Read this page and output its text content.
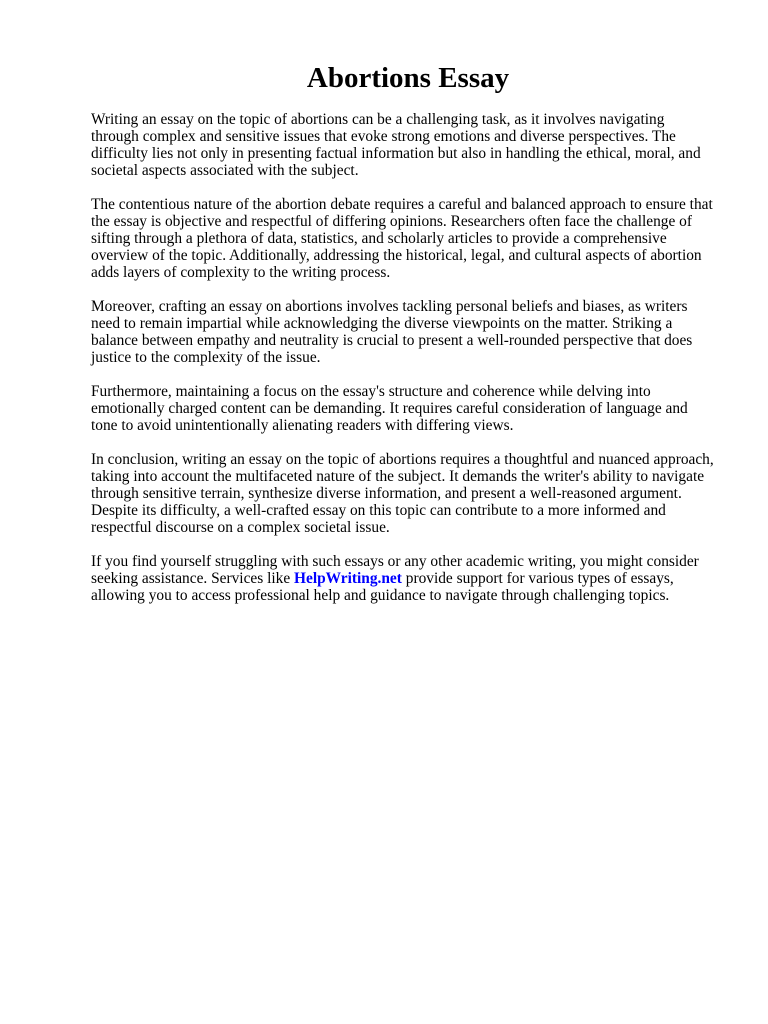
Abortions Essay

Writing an essay on the topic of abortions can be a challenging task, as it involves navigating
through complex and sensitive issues that evoke strong emotions and diverse perspectives. The
difficulty lies not only in presenting factual information but also in handling the ethical, moral, and
societal aspects associated with the subject.

The contentious nature of the abortion debate requires a careful and balanced approach to ensure that
the essay is objective and respectful of differing opinions. Researchers often face the challenge of
sifting through a plethora of data, statistics, and scholarly articles to provide a comprehensive
overview of the topic. Additionally, addressing the historical, legal, and cultural aspects of abortion
adds layers of complexity to the writing process.

Moreover, crafting an essay on abortions involves tackling personal beliefs and biases, as writers
need to remain impartial while acknowledging the diverse viewpoints on the matter. Striking a
balance between empathy and neutrality is crucial to present a well-rounded perspective that does
justice to the complexity of the issue.

Furthermore, maintaining a focus on the essay's structure and coherence while delving into
emotionally charged content can be demanding. It requires careful consideration of language and
tone to avoid unintentionally alienating readers with differing views.

In conclusion, writing an essay on the topic of abortions requires a thoughtful and nuanced approach,
taking into account the multifaceted nature of the subject. It demands the writer's ability to navigate
through sensitive terrain, synthesize diverse information, and present a well-reasoned argument.
Despite its difficulty, a well-crafted essay on this topic can contribute to a more informed and
respectful discourse on a complex societal issue.

If you find yourself struggling with such essays or any other academic writing, you might consider
seeking assistance. Services like HelpWriting.net provide support for various types of essays,
allowing you to access professional help and guidance to navigate through challenging topics.
